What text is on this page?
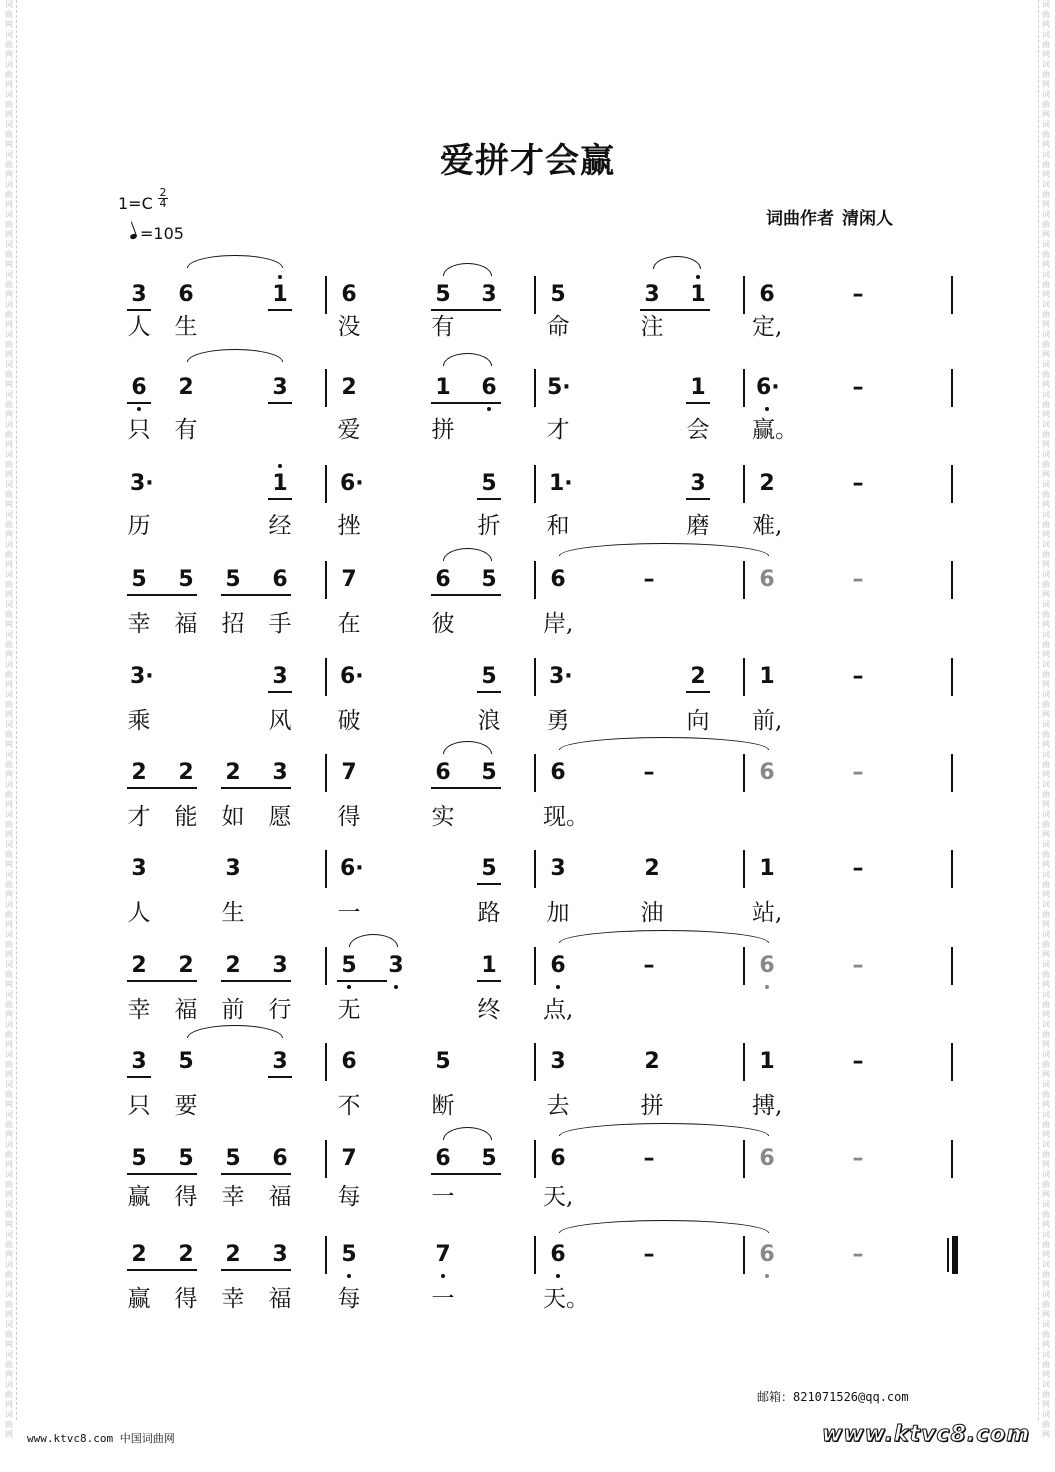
词曲网词曲网词曲网词曲网词曲网词曲网词曲网词曲网词曲网词曲网词曲网词曲网词曲网词曲网词曲网词曲网词曲网词曲网词曲网词曲网词曲网词曲网词曲网词曲网词曲网词曲网词曲网词曲网词曲网词曲网词曲网词曲网词曲网词曲网词曲网词曲网词曲网词曲网词曲网词曲网词曲网词曲网词曲网词曲网词曲网词曲网词曲网词曲网
词曲网词曲网词曲网词曲网词曲网词曲网词曲网词曲网词曲网词曲网词曲网词曲网词曲网词曲网词曲网词曲网词曲网词曲网词曲网词曲网词曲网词曲网词曲网词曲网词曲网词曲网词曲网词曲网词曲网词曲网词曲网词曲网词曲网词曲网词曲网词曲网词曲网词曲网词曲网词曲网词曲网词曲网词曲网词曲网词曲网词曲网词曲网词曲网
爱拼才会赢
1=C
2
4
=105
词曲作者 清闲人
3 6	1 6	5 3 5	3 1 6	–
人 生	没	有	命	注	定,
6 2	3 2	1 6 5·	1 6·	–
只 有	爱	拼	才	会 赢。
3·	1 6·	5 1·	3 2	–
历	经 挫	折 和	磨 难,
5 5 5 6 7	6 5 6	–	6	–
幸 福 招 手 在	彼	岸,
3·	3 6·	5 3·	2 1	–
乘	风 破	浪 勇	向 前,
2 2 2 3 7	6 5 6	–	6	–
才 能 如 愿 得	实	现。
3	3	6·	5 3	2	1	–
人	生	一	路 加	油	站,
2 2 2 3 5 3	1 6	–	6	–
幸 福 前 行 无	终 点,
3 5	3 6	5	3	2	1	–
只 要	不	断	去	拼	搏,
5 5 5 6 7	6 5 6	–	6	–
赢 得 幸 福 每	一	天,
2 2 2 3 5	7	6	–	6	–
赢 得 幸 福 每	一	天。
邮箱：821071526@qq.com
www.ktvc8.com 中国词曲网	www.ktvc8.com
